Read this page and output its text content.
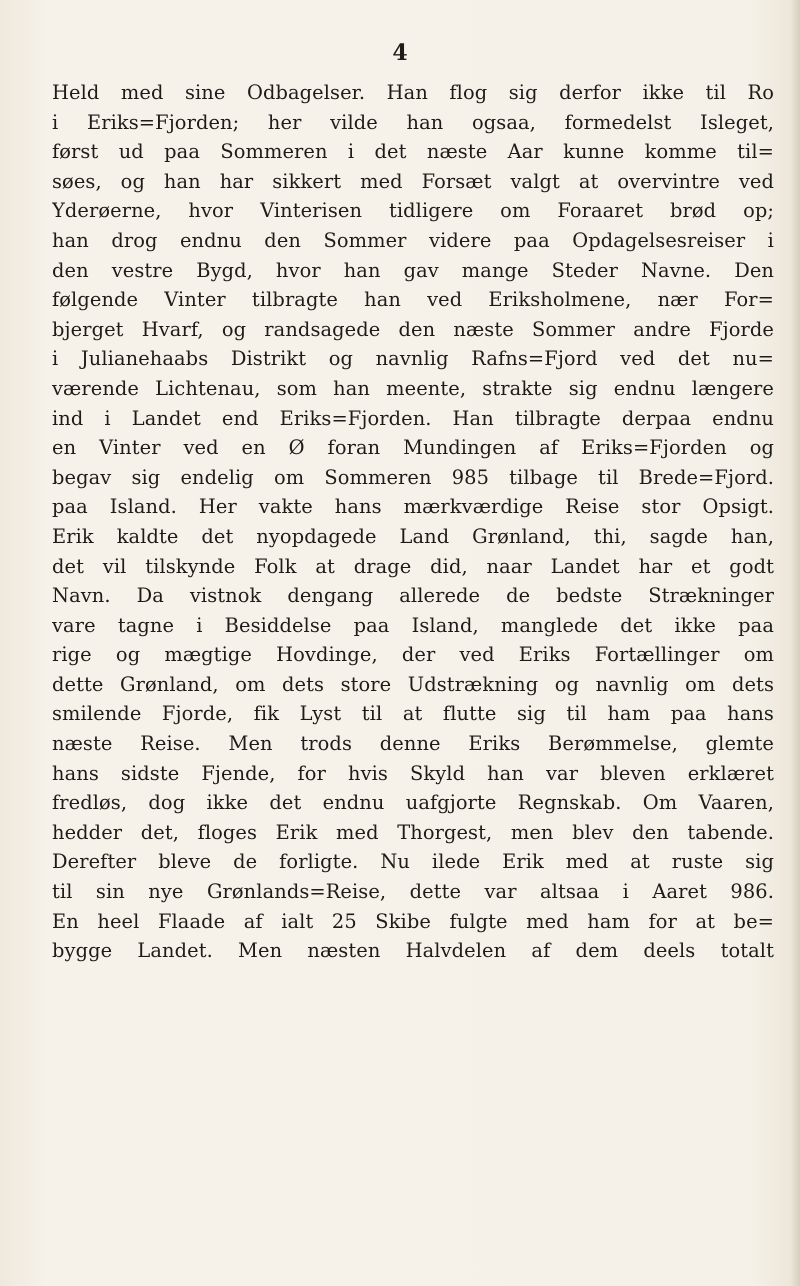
4
Held med sine Odbagelser. Han flog sig derfor ikke til Ro
i Eriks=Fjorden; her vilde han ogsaa, formedelst Isleget,
først ud paa Sommeren i det næste Aar kunne komme til=
søes, og han har sikkert med Forsæt valgt at overvintre ved
Yderøerne, hvor Vinterisen tidligere om Foraaret brød op;
han drog endnu den Sommer videre paa Opdagelsesreiser i
den vestre Bygd, hvor han gav mange Steder Navne. Den
følgende Vinter tilbragte han ved Eriksholmene, nær For=
bjerget Hvarf, og randsagede den næste Sommer andre Fjorde
i Julianehaabs Distrikt og navnlig Rafns=Fjord ved det nu=
værende Lichtenau, som han meente, strakte sig endnu længere
ind i Landet end Eriks=Fjorden. Han tilbragte derpaa endnu
en Vinter ved en Ø foran Mundingen af Eriks=Fjorden og
begav sig endelig om Sommeren 985 tilbage til Brede=Fjord.
paa Island. Her vakte hans mærkværdige Reise stor Opsigt.
Erik kaldte det nyopdagede Land Grønland, thi, sagde han,
det vil tilskynde Folk at drage did, naar Landet har et godt
Navn. Da vistnok dengang allerede de bedste Strækninger
vare tagne i Besiddelse paa Island, manglede det ikke paa
rige og mægtige Hovdinge, der ved Eriks Fortællinger om
dette Grønland, om dets store Udstrækning og navnlig om dets
smilende Fjorde, fik Lyst til at flutte sig til ham paa hans
næste Reise. Men trods denne Eriks Berømmelse, glemte
hans sidste Fjende, for hvis Skyld han var bleven erklæret
fredløs, dog ikke det endnu uafgjorte Regnskab. Om Vaaren,
hedder det, floges Erik med Thorgest, men blev den tabende.
Derefter bleve de forligte. Nu ilede Erik med at ruste sig
til sin nye Grønlands=Reise, dette var altsaa i Aaret 986.
En heel Flaade af ialt 25 Skibe fulgte med ham for at be=
bygge Landet. Men næsten Halvdelen af dem deels totalt
